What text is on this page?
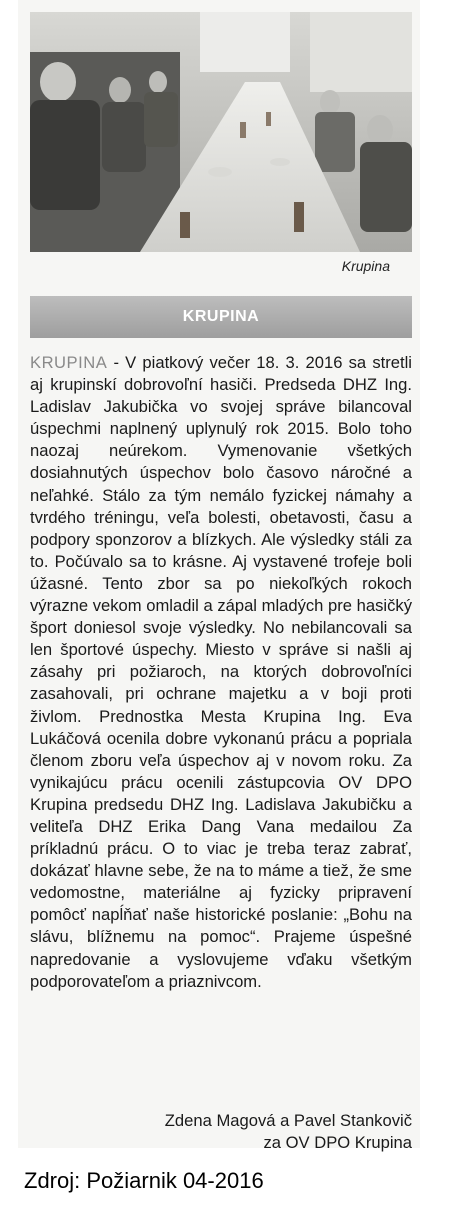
Krupina
KRUPINA

KRUPINA - V piatkový večer 18. 3. 2016 sa stretli aj krupinskí dobrovoľní hasiči. Predseda DHZ Ing. Ladislav Jakubička vo svojej správe bilancoval úspechmi naplnený uplynulý rok 2015. Bolo toho naozaj neúrekom. Vymenovanie všetkých dosiahnutých úspechov bolo časovo náročné a neľahké. Stálo za tým nemálo fyzickej námahy a tvrdého tréningu, veľa bolesti, obetavosti, času a podpory sponzorov a blízkych. Ale výsledky stáli za to. Počúvalo sa to krásne. Aj vystavené trofeje boli úžasné. Tento zbor sa po niekoľkých rokoch výrazne vekom omladil a zápal mladých pre hasičký šport doniesol svoje výsledky. No nebilancovali sa len športové úspechy. Miesto v správe si našli aj zásahy pri požiaroch, na ktorých dobrovoľníci zasahovali, pri ochrane majetku a v boji proti živlom. Prednostka Mesta Krupina Ing. Eva Lukáčová ocenila dobre vykonanú prácu a popriala členom zboru veľa úspechov aj v novom roku. Za vynikajúcu prácu ocenili zástupcovia OV DPO Krupina predsedu DHZ Ing. Ladislava Jakubičku a veliteľa DHZ Erika Dang Vana medailou Za príkladnú prácu. O to viac je treba teraz zabrať, dokázať hlavne sebe, že na to máme a tiež, že sme vedomostne, materiálne aj fyzicky pripravení pomôcť napĺňať naše historické poslanie: „Bohu na slávu, blížnemu na pomoc“. Prajeme úspešné napredovanie a vyslovujeme vďaku všetkým podporovateľom a priaznivcom.

Zdena Magová a Pavel Stankovič
za OV DPO Krupina
Zdroj: Požiarnik 04-2016
